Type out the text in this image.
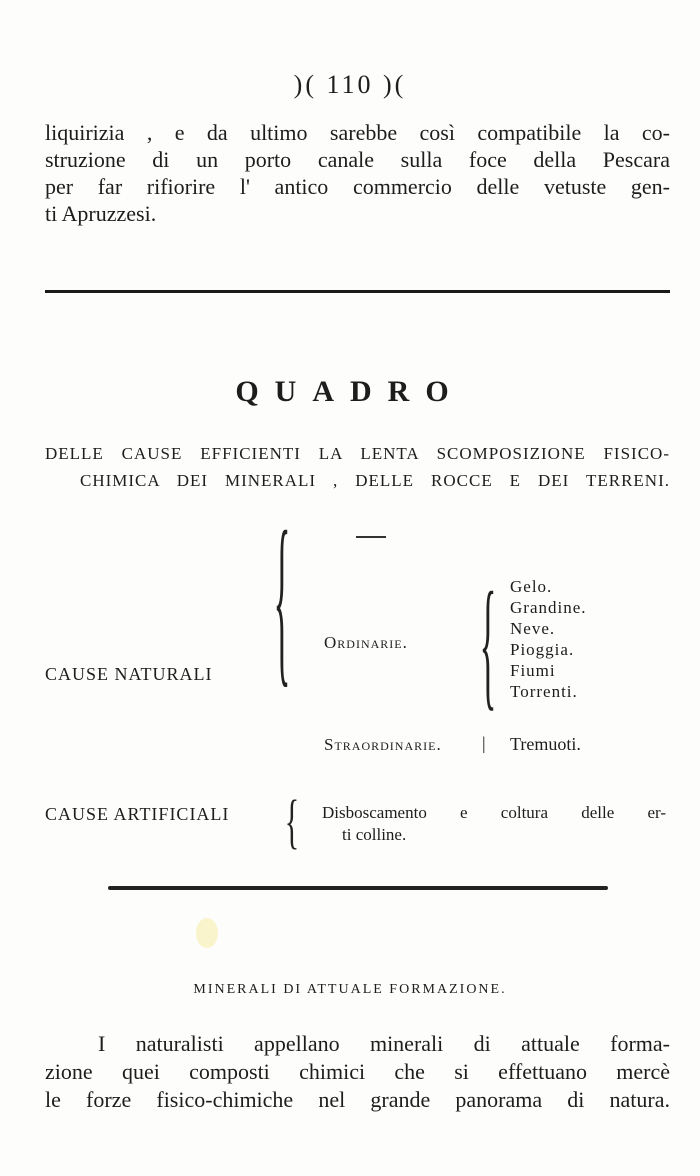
)( 110 )(
liquirizia , e da ultimo sarebbe così compatibile la co-
struzione di un porto canale sulla foce della Pescara
per far rifiorire l' antico commercio delle vetuste gen-
ti Apruzzesi.
QUADRO
DELLE CAUSE EFFICIENTI LA LENTA SCOMPOSIZIONE FISICO-
CHIMICA DEI MINERALI , DELLE ROCCE E DEI TERRENI.
CAUSE NATURALI { Ordinarie. { Gelo.
Grandine.
Neve.
Pioggia.
Fiumi
Torrenti.
Straordinarie. | Tremuoti.
CAUSE ARTIFICIALI { Disboscamento e coltura delle er-
ti colline.
MINERALI DI ATTUALE FORMAZIONE.
I naturalisti appellano minerali di attuale forma-
zione quei composti chimici che si effettuano mercè
le forze fisico-chimiche nel grande panorama di natura.
